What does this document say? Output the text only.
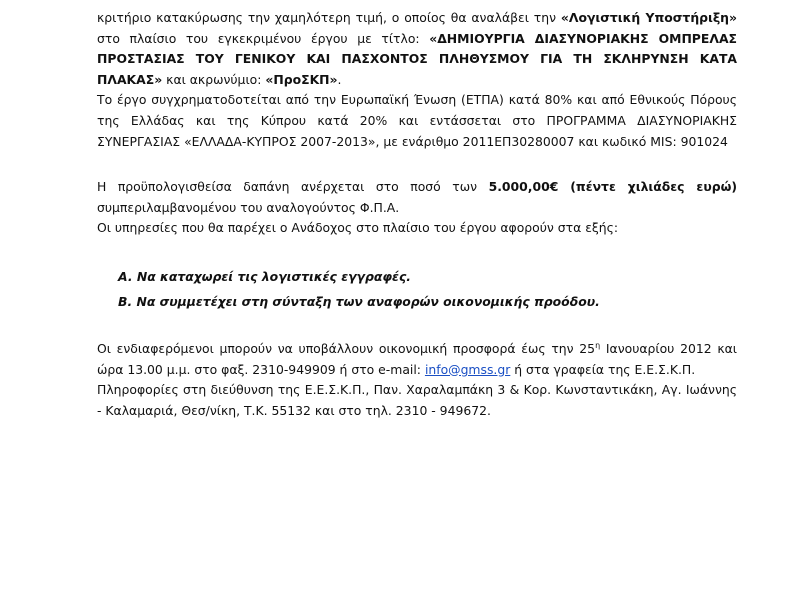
κριτήριο κατακύρωσης την χαμηλότερη τιμή, ο οποίος θα αναλάβει την «Λογιστική Υποστήριξη» στο πλαίσιο του εγκεκριμένου έργου με τίτλο: «ΔΗΜΙΟΥΡΓΙΑ ΔΙΑΣΥΝΟΡΙΑΚΗΣ ΟΜΠΡΕΛΑΣ ΠΡΟΣΤΑΣΙΑΣ ΤΟΥ ΓΕΝΙΚΟΥ ΚΑΙ ΠΑΣΧΟΝΤΟΣ ΠΛΗΘΥΣΜΟΥ ΓΙΑ ΤΗ ΣΚΛΗΡΥΝΣΗ ΚΑΤΑ ΠΛΑΚΑΣ» και ακρωνύμιο: «ΠροΣΚΠ».

Το έργο συγχρηματοδοτείται από την Ευρωπαϊκή Ένωση (ΕΤΠΑ) κατά 80% και από Εθνικούς Πόρους της Ελλάδας και της Κύπρου κατά 20% και εντάσσεται στο ΠΡΟΓΡΑΜΜΑ ΔΙΑΣΥΝΟΡΙΑΚΗΣ ΣΥΝΕΡΓΑΣΙΑΣ «ΕΛΛΑΔΑ-ΚΥΠΡΟΣ 2007-2013», με ενάριθμο 2011ΕΠ30280007 και κωδικό MIS: 901024

Η προϋπολογισθείσα δαπάνη ανέρχεται στο ποσό των 5.000,00€ (πέντε χιλιάδες ευρώ) συμπεριλαμβανομένου του αναλογούντος Φ.Π.Α.

Οι υπηρεσίες που θα παρέχει ο Ανάδοχος στο πλαίσιο του έργου αφορούν στα εξής:

A. Να καταχωρεί τις λογιστικές εγγραφές.

B. Να συμμετέχει στη σύνταξη των αναφορών οικονομικής προόδου.

Οι ενδιαφερόμενοι μπορούν να υποβάλλουν οικονομική προσφορά έως την $25^\eta$ Ιανουαρίου 2012 και ώρα 13.00 μ.μ. στο φαξ. 2310-949909 ή στο e-mail: info@gmss.gr ή στα γραφεία της Ε.Ε.Σ.Κ.Π.

Πληροφορίες στη διεύθυνση της Ε.Ε.Σ.Κ.Π., Παν. Χαραλαμπάκη 3 & Κορ. Κωνσταντικάκη, Αγ. Ιωάννης - Καλαμαριά, Θεσ/νίκη, Τ.Κ. 55132 και στο τηλ. 2310 - 949672.
